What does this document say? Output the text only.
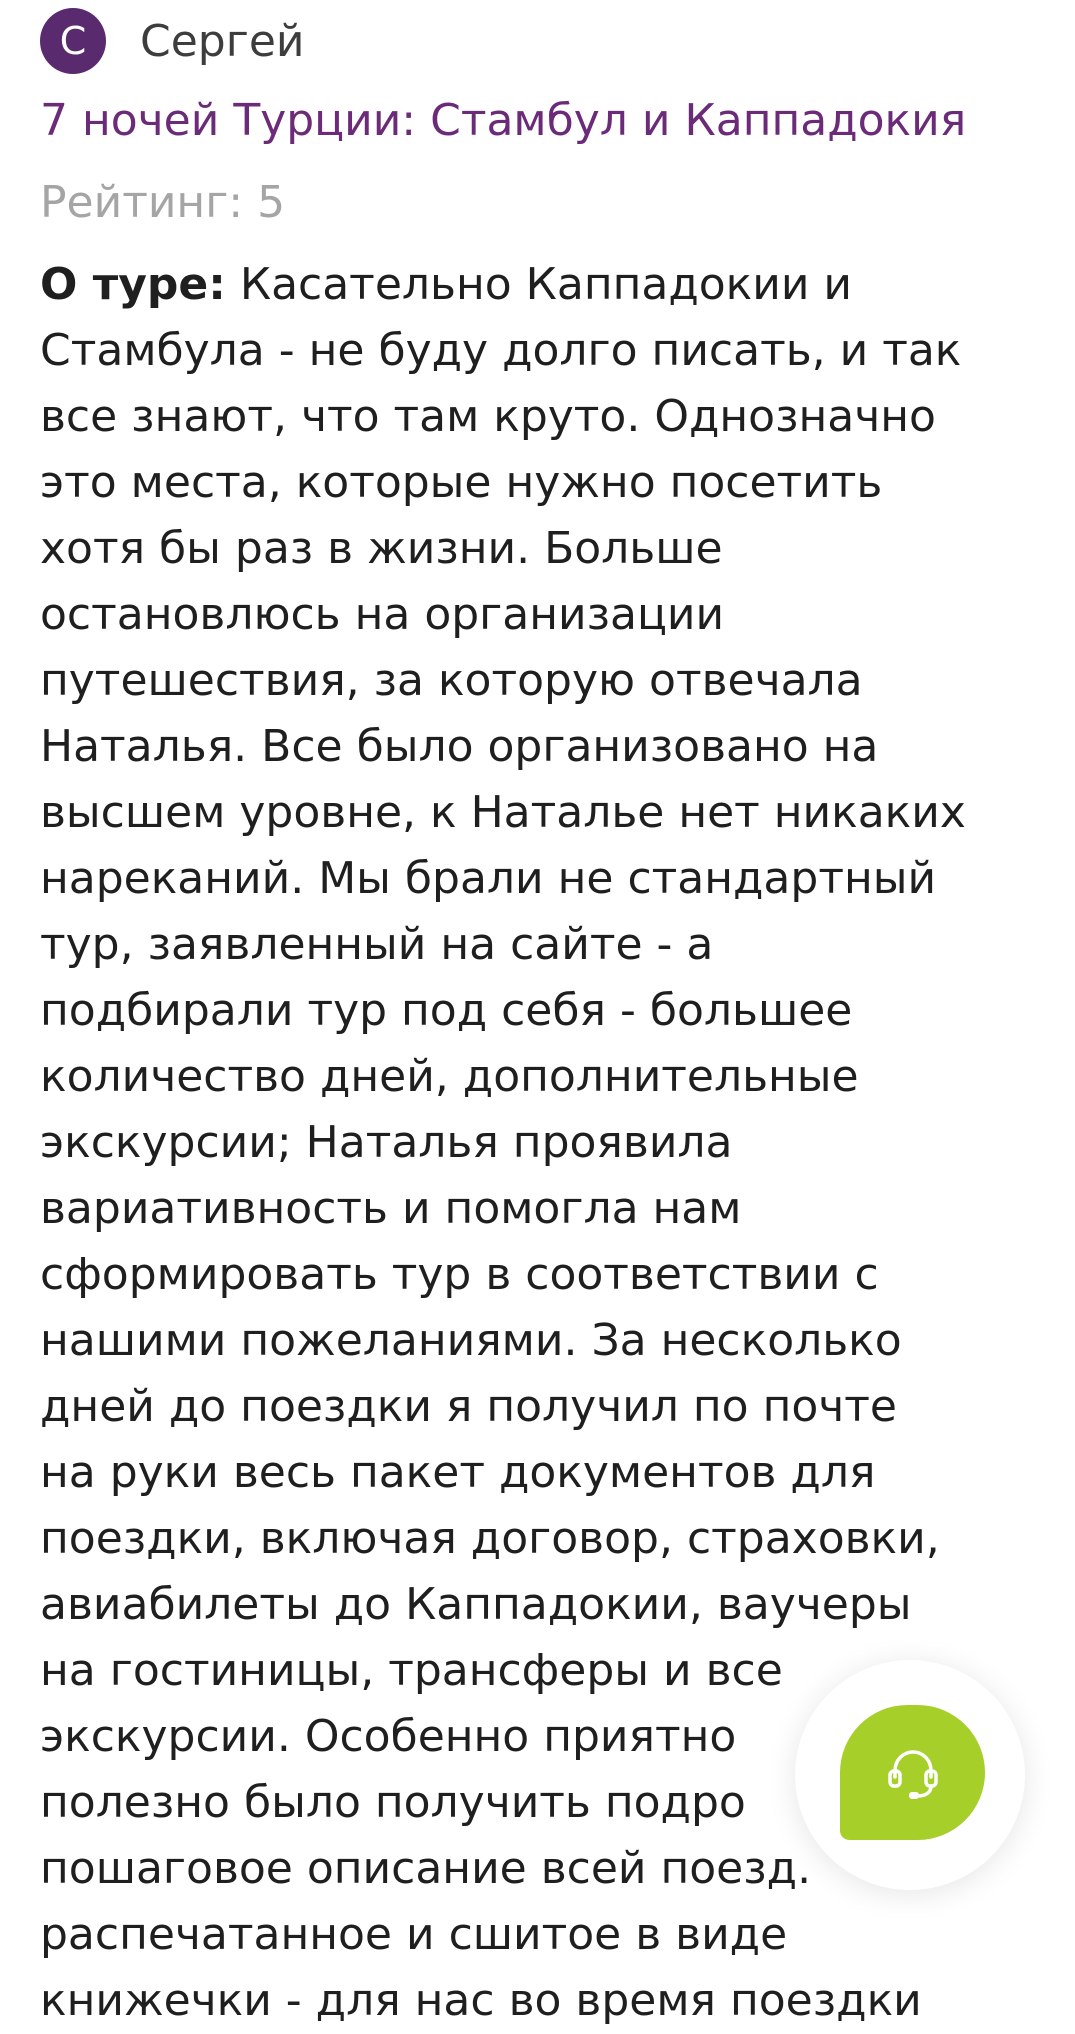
С	Сергей
7 ночей Турции: Стамбул и Каппадокия
Рейтинг: 5
О туре: Касательно Каппадокии и
Стамбула - не буду долго писать, и так
все знают, что там круто. Однозначно
это места, которые нужно посетить
хотя бы раз в жизни. Больше
остановлюсь на организации
путешествия, за которую отвечала
Наталья. Все было организовано на
высшем уровне, к Наталье нет никаких
нареканий. Мы брали не стандартный
тур, заявленный на сайте - а
подбирали тур под себя - большее
количество дней, дополнительные
экскурсии; Наталья проявила
вариативность и помогла нам
сформировать тур в соответствии с
нашими пожеланиями. За несколько
дней до поездки я получил по почте
на руки весь пакет документов для
поездки, включая договор, страховки,
авиабилеты до Каппадокии, ваучеры
на гостиницы, трансферы и все
экскурсии. Особенно приятно
полезно было получить подро
пошаговое описание всей поезд.
распечатанное и сшитое в виде
книжечки - для нас во время поездки
